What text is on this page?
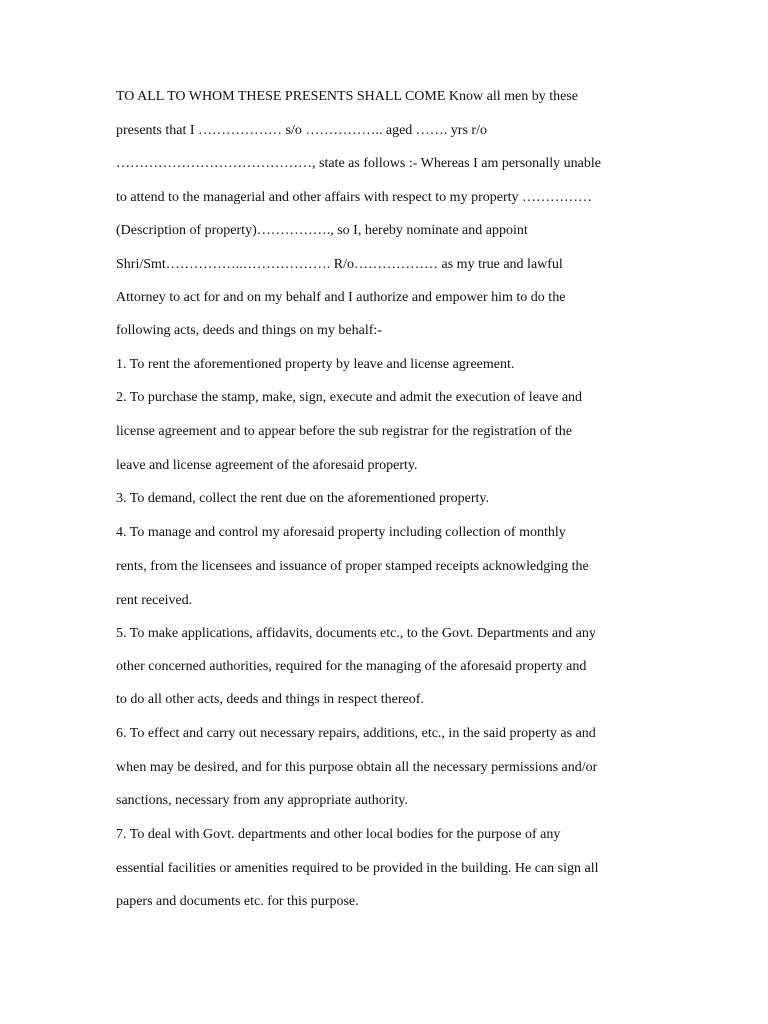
TO ALL TO WHOM THESE PRESENTS SHALL COME Know all men by these
presents that I ……………… s/o …………….. aged ……. yrs r/o
……………………………………, state as follows :- Whereas I am personally unable
to attend to the managerial and other affairs with respect to my property ……………
(Description of property)……………., so I, hereby nominate and appoint
Shri/Smt……………..………………. R/o……………… as my true and lawful
Attorney to act for and on my behalf and I authorize and empower him to do the
following acts, deeds and things on my behalf:-
1. To rent the aforementioned property by leave and license agreement.
2. To purchase the stamp, make, sign, execute and admit the execution of leave and
license agreement and to appear before the sub registrar for the registration of the
leave and license agreement of the aforesaid property.
3. To demand, collect the rent due on the aforementioned property.
4. To manage and control my aforesaid property including collection of monthly
rents, from the licensees and issuance of proper stamped receipts acknowledging the
rent received.
5. To make applications, affidavits, documents etc., to the Govt. Departments and any
other concerned authorities, required for the managing of the aforesaid property and
to do all other acts, deeds and things in respect thereof.
6. To effect and carry out necessary repairs, additions, etc., in the said property as and
when may be desired, and for this purpose obtain all the necessary permissions and/or
sanctions, necessary from any appropriate authority.
7. To deal with Govt. departments and other local bodies for the purpose of any
essential facilities or amenities required to be provided in the building. He can sign all
papers and documents etc. for this purpose.
